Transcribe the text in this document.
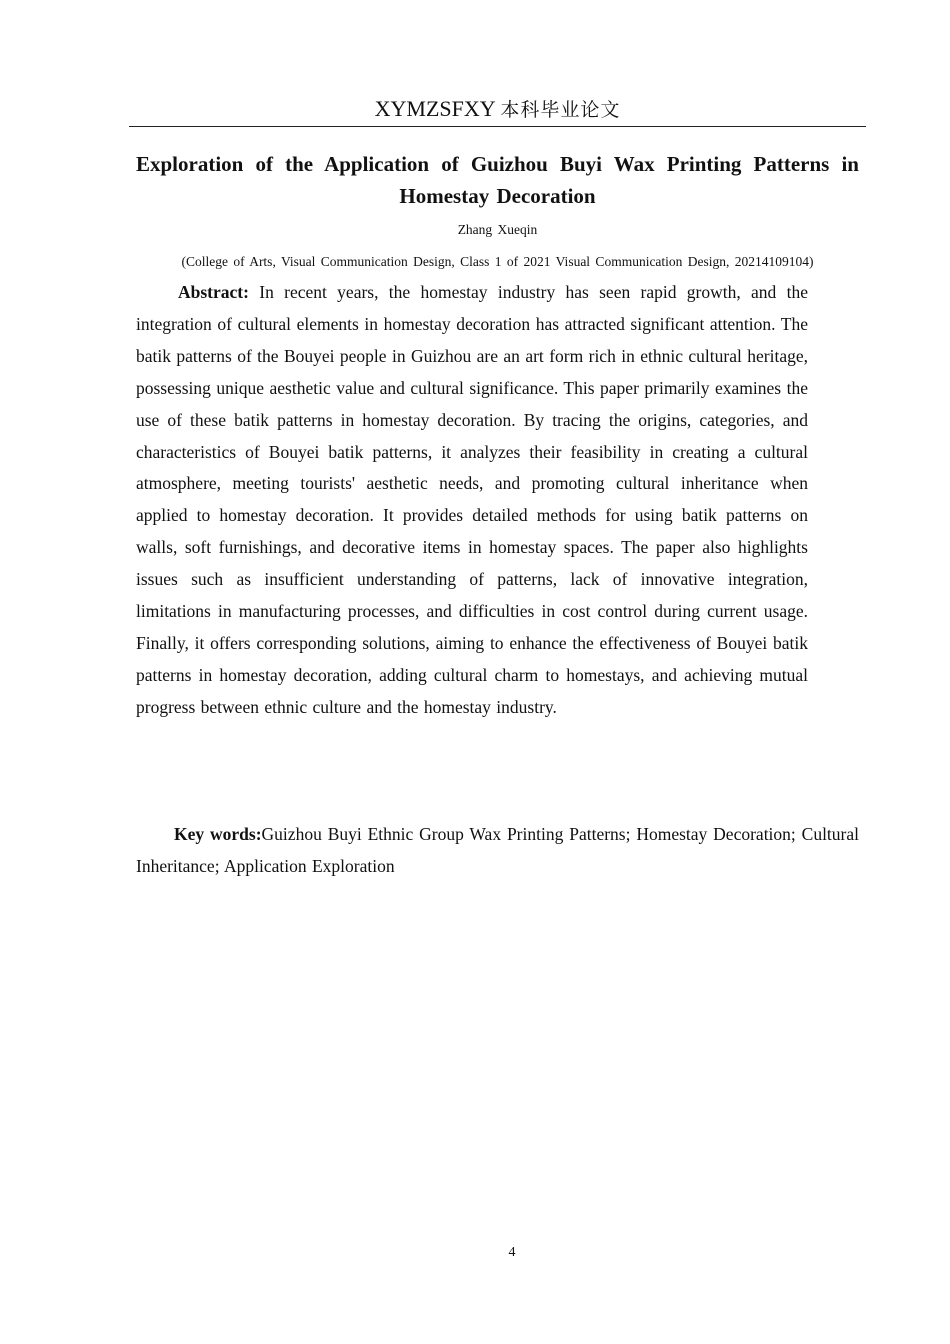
XYMZSFXY 本科毕业论文
Exploration of the Application of Guizhou Buyi Wax Printing Patterns in Homestay Decoration
Zhang Xueqin
(College of Arts, Visual Communication Design, Class 1 of 2021 Visual Communication Design, 20214109104)

Abstract: In recent years, the homestay industry has seen rapid growth, and the integration of cultural elements in homestay decoration has attracted significant attention. The batik patterns of the Bouyei people in Guizhou are an art form rich in ethnic cultural heritage, possessing unique aesthetic value and cultural significance. This paper primarily examines the use of these batik patterns in homestay decoration. By tracing the origins, categories, and characteristics of Bouyei batik patterns, it analyzes their feasibility in creating a cultural atmosphere, meeting tourists' aesthetic needs, and promoting cultural inheritance when applied to homestay decoration. It provides detailed methods for using batik patterns on walls, soft furnishings, and decorative items in homestay spaces. The paper also highlights issues such as insufficient understanding of patterns, lack of innovative integration, limitations in manufacturing processes, and difficulties in cost control during current usage. Finally, it offers corresponding solutions, aiming to enhance the effectiveness of Bouyei batik patterns in homestay decoration, adding cultural charm to homestays, and achieving mutual progress between ethnic culture and the homestay industry.

Key words:Guizhou Buyi Ethnic Group Wax Printing Patterns; Homestay Decoration; Cultural Inheritance; Application Exploration

4
